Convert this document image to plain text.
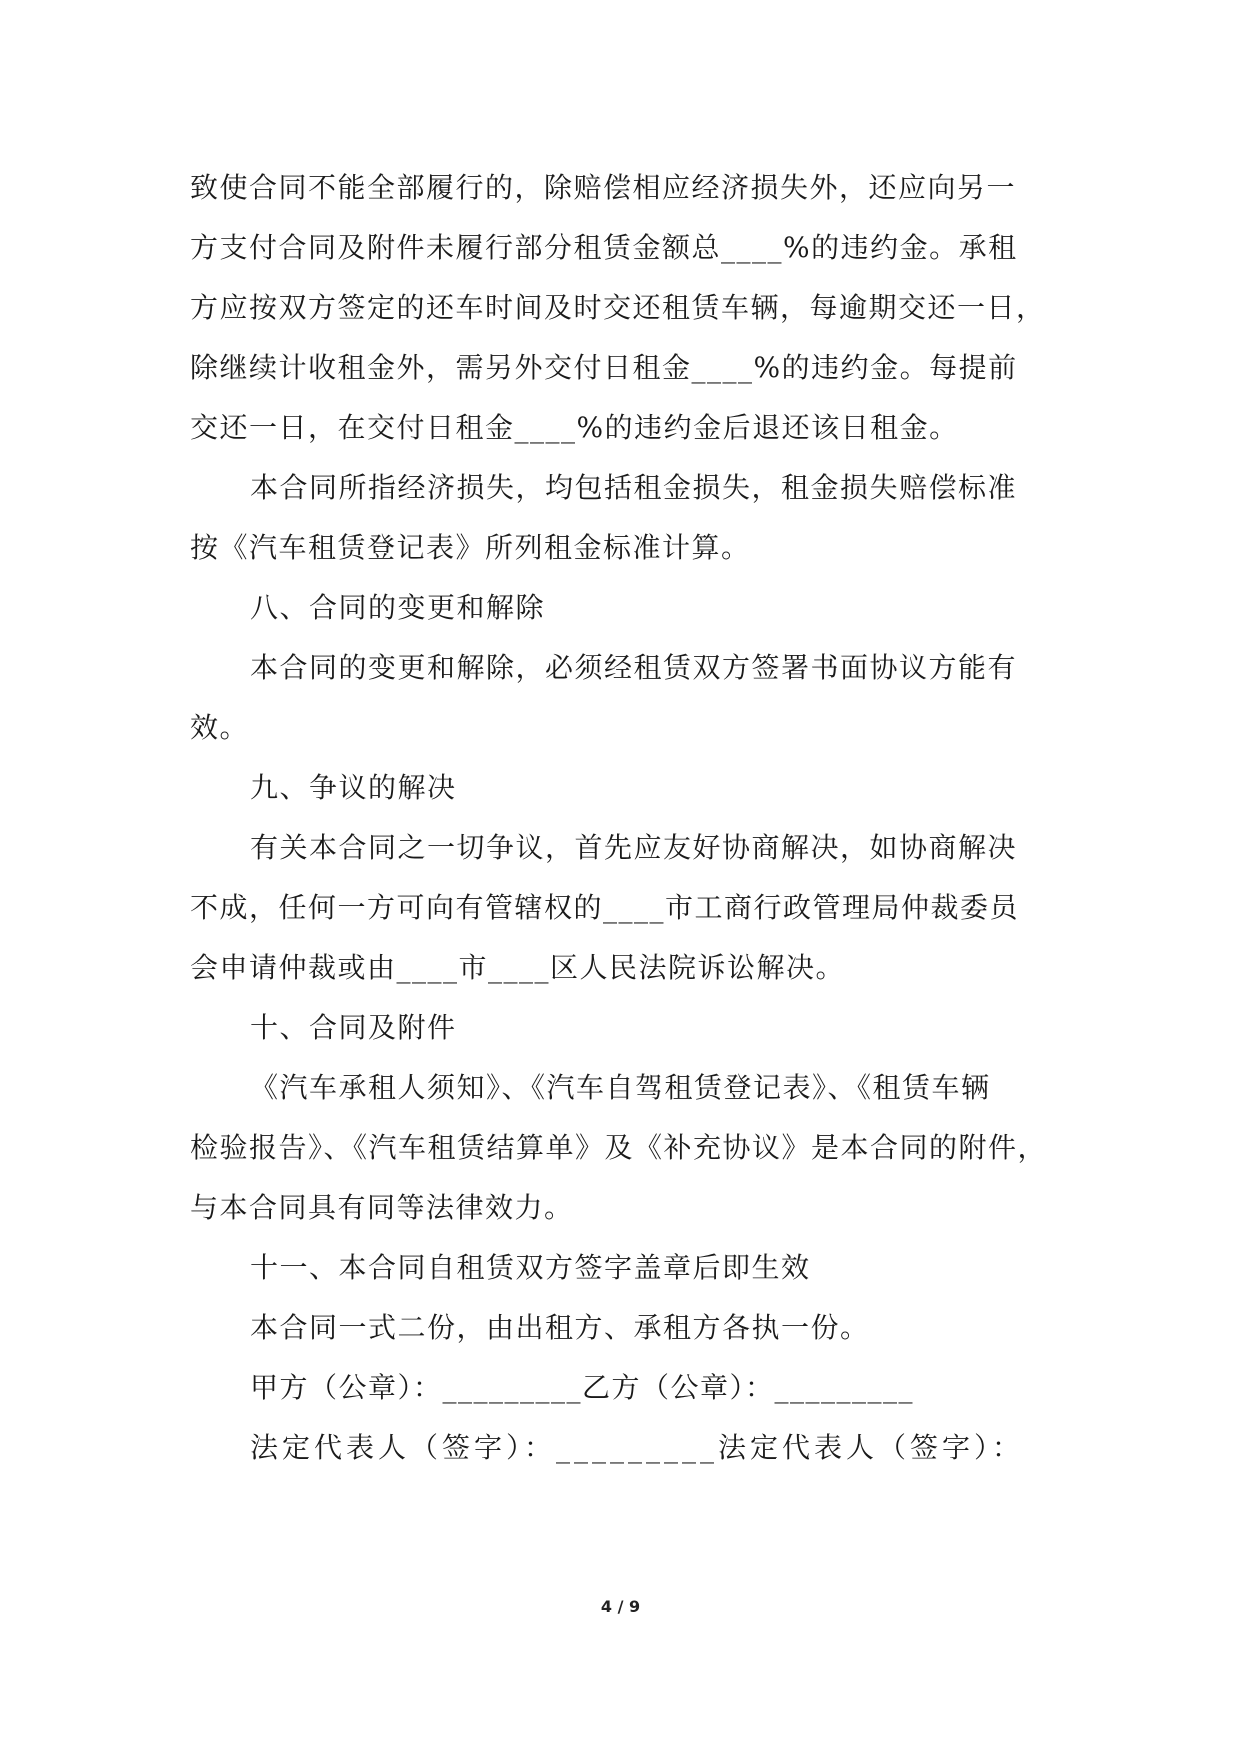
致使合同不能全部履行的，除赔偿相应经济损失外，还应向另一
方支付合同及附件未履行部分租赁金额总____%的违约金。承租
方应按双方签定的还车时间及时交还租赁车辆，每逾期交还一日，
除继续计收租金外，需另外交付日租金____%的违约金。每提前
交还一日，在交付日租金____%的违约金后退还该日租金。
本合同所指经济损失，均包括租金损失，租金损失赔偿标准
按《汽车租赁登记表》所列租金标准计算。
八、合同的变更和解除
本合同的变更和解除，必须经租赁双方签署书面协议方能有
效。
九、争议的解决
有关本合同之一切争议，首先应友好协商解决，如协商解决
不成，任何一方可向有管辖权的____市工商行政管理局仲裁委员
会申请仲裁或由____市____区人民法院诉讼解决。
十、合同及附件
《汽车承租人须知》、《汽车自驾租赁登记表》、《租赁车辆
检验报告》、《汽车租赁结算单》及《补充协议》是本合同的附件，
与本合同具有同等法律效力。
十一、本合同自租赁双方签字盖章后即生效
本合同一式二份，由出租方、承租方各执一份。
甲方（公章）：_________乙方（公章）：_________
法定代表人（签字）：_________法定代表人（签字）：
4 / 9
